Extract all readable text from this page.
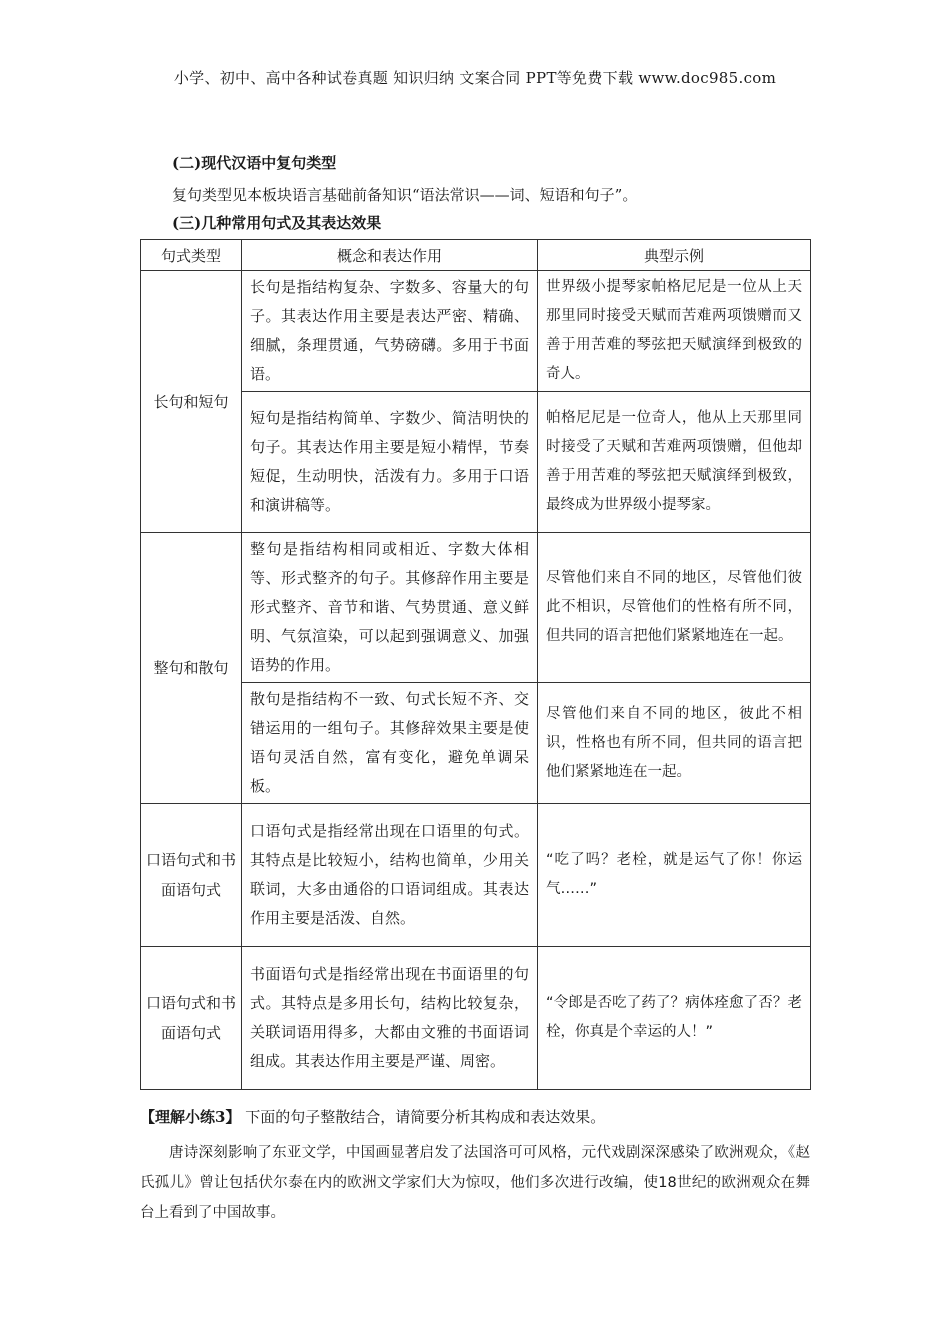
小学、初中、高中各种试卷真题 知识归纳 文案合同 PPT等免费下载 www.doc985.com
(二)现代汉语中复句类型
复句类型见本板块语言基础前备知识“语法常识——词、短语和句子”。
(三)几种常用句式及其表达效果
句式类型	概念和表达作用	典型示例
长句和短句	长句是指结构复杂、字数多、容量大的句子。其表达作用主要是表达严密、精确、细腻，条理贯通，气势磅礴。多用于书面语。	世界级小提琴家帕格尼尼是一位从上天那里同时接受天赋而苦难两项馈赠而又善于用苦难的琴弦把天赋演绎到极致的奇人。
	短句是指结构简单、字数少、简洁明快的句子。其表达作用主要是短小精悍，节奏短促，生动明快，活泼有力。多用于口语和演讲稿等。	帕格尼尼是一位奇人，他从上天那里同时接受了天赋和苦难两项馈赠，但他却善于用苦难的琴弦把天赋演绎到极致，最终成为世界级小提琴家。
整句和散句	整句是指结构相同或相近、字数大体相等、形式整齐的句子。其修辞作用主要是形式整齐、音节和谐、气势贯通、意义鲜明、气氛渲染，可以起到强调意义、加强语势的作用。	尽管他们来自不同的地区，尽管他们彼此不相识，尽管他们的性格有所不同，但共同的语言把他们紧紧地连在一起。
	散句是指结构不一致、句式长短不齐、交错运用的一组句子。其修辞效果主要是使语句灵活自然，富有变化，避免单调呆板。	尽管他们来自不同的地区，彼此不相识，性格也有所不同，但共同的语言把他们紧紧地连在一起。
口语句式和书面语句式	口语句式是指经常出现在口语里的句式。其特点是比较短小，结构也简单，少用关联词，大多由通俗的口语词组成。其表达作用主要是活泼、自然。	“吃了吗？老栓，就是运气了你！你运气……”
口语句式和书面语句式	书面语句式是指经常出现在书面语里的句式。其特点是多用长句，结构比较复杂，关联词语用得多，大都由文雅的书面语词组成。其表达作用主要是严谨、周密。	“令郎是否吃了药了？病体痊愈了否？老栓，你真是个幸运的人！”
【理解小练3】 下面的句子整散结合，请简要分析其构成和表达效果。
唐诗深刻影响了东亚文学，中国画显著启发了法国洛可可风格，元代戏剧深深感染了欧洲观众，《赵氏孤儿》曾让包括伏尔泰在内的欧洲文学家们大为惊叹，他们多次进行改编，使18世纪的欧洲观众在舞台上看到了中国故事。
